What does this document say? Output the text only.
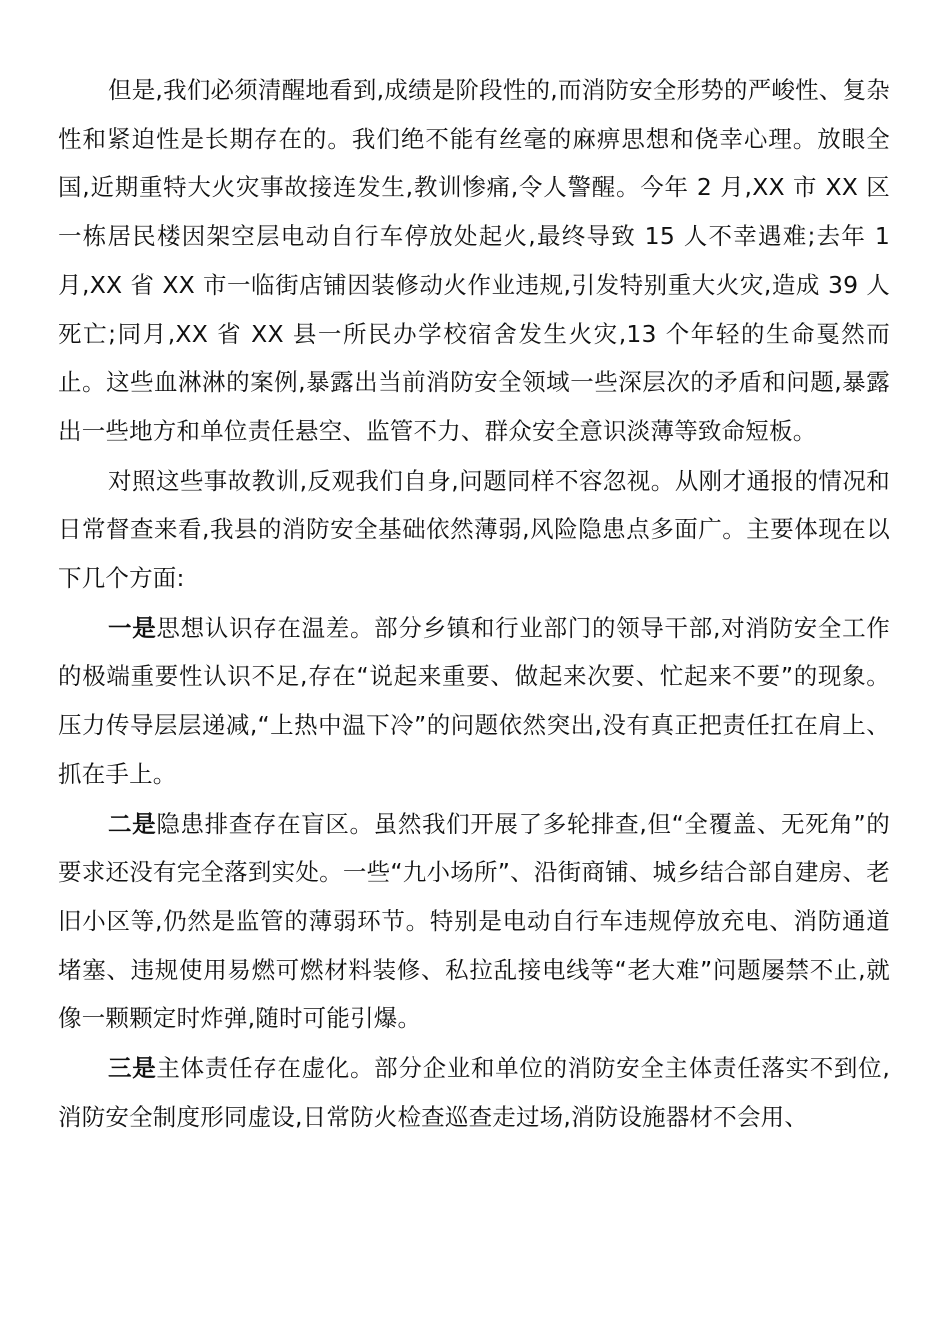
但是,我们必须清醒地看到,成绩是阶段性的,而消防安全形势的严峻性、复杂性和紧迫性是长期存在的。我们绝不能有丝毫的麻痹思想和侥幸心理。放眼全国,近期重特大火灾事故接连发生,教训惨痛,令人警醒。今年 2 月,XX 市 XX 区一栋居民楼因架空层电动自行车停放处起火,最终导致 15 人不幸遇难;去年 1 月,XX 省 XX 市一临街店铺因装修动火作业违规,引发特别重大火灾,造成 39 人死亡;同月,XX 省 XX 县一所民办学校宿舍发生火灾,13 个年轻的生命戛然而止。这些血淋淋的案例,暴露出当前消防安全领域一些深层次的矛盾和问题,暴露出一些地方和单位责任悬空、监管不力、群众安全意识淡薄等致命短板。

对照这些事故教训,反观我们自身,问题同样不容忽视。从刚才通报的情况和日常督查来看,我县的消防安全基础依然薄弱,风险隐患点多面广。主要体现在以下几个方面:

一是思想认识存在温差。部分乡镇和行业部门的领导干部,对消防安全工作的极端重要性认识不足,存在“说起来重要、做起来次要、忙起来不要”的现象。压力传导层层递减,“上热中温下冷”的问题依然突出,没有真正把责任扛在肩上、抓在手上。

二是隐患排查存在盲区。虽然我们开展了多轮排查,但“全覆盖、无死角”的要求还没有完全落到实处。一些“九小场所”、沿街商铺、城乡结合部自建房、老旧小区等,仍然是监管的薄弱环节。特别是电动自行车违规停放充电、消防通道堵塞、违规使用易燃可燃材料装修、私拉乱接电线等“老大难”问题屡禁不止,就像一颗颗定时炸弹,随时可能引爆。

三是主体责任存在虚化。部分企业和单位的消防安全主体责任落实不到位,消防安全制度形同虚设,日常防火检查巡查走过场,消防设施器材不会用、
